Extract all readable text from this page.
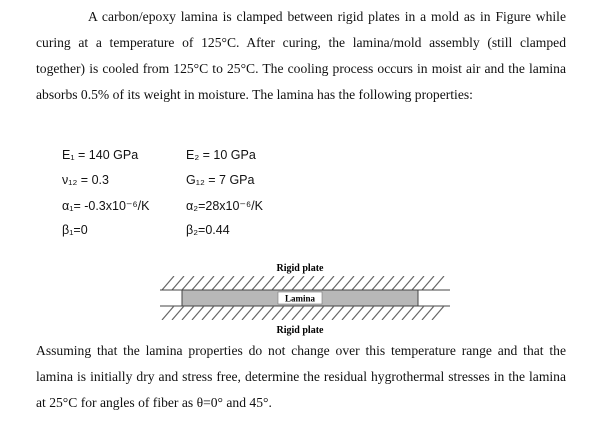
A carbon/epoxy lamina is clamped between rigid plates in a mold as in Figure while curing at a temperature of 125°C. After curing, the lamina/mold assembly (still clamped together) is cooled from 125°C to 25°C. The cooling process occurs in moist air and the lamina absorbs 0.5% of its weight in moisture. The lamina has the following properties:
E₁ = 140 GPa	E₂ = 10 GPa
ν₁₂ = 0.3	G₁₂ = 7 GPa
α₁= -0.3x10⁻⁶/K	α₂=28x10⁻⁶/K
β₁=0	β₂=0.44
Rigid plate
Lamina
Rigid plate
Assuming that the lamina properties do not change over this temperature range and that the lamina is initially dry and stress free, determine the residual hygrothermal stresses in the lamina at 25°C for angles of fiber as θ=0° and 45°.
